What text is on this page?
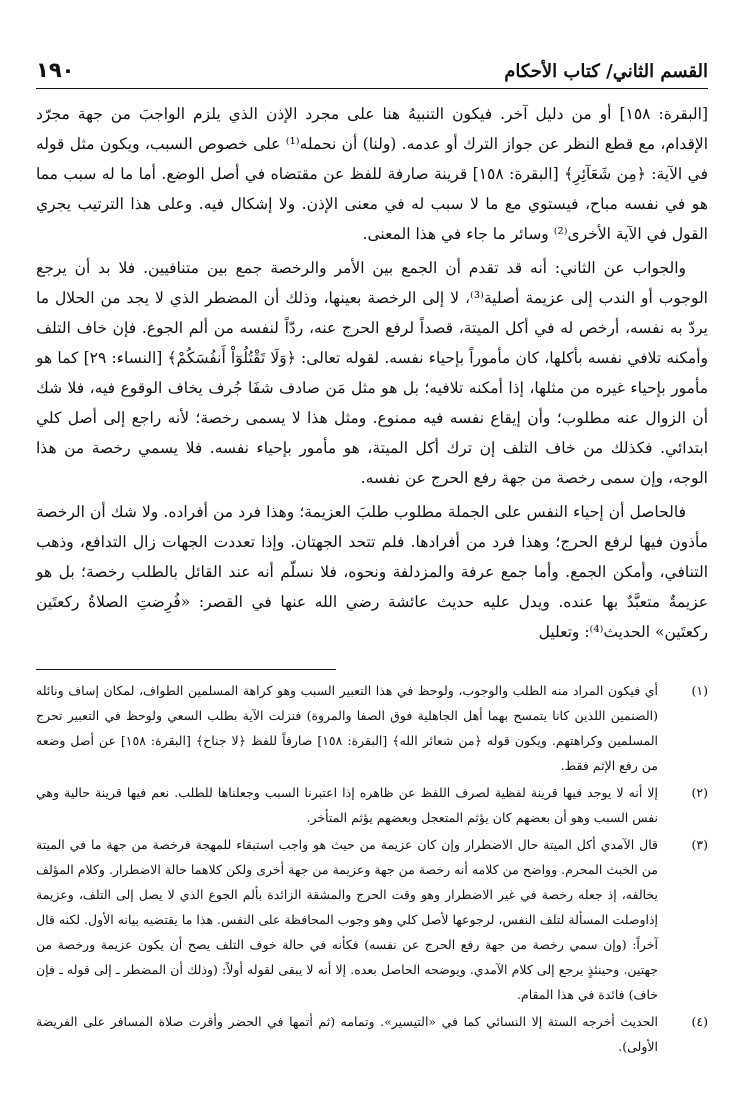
القسم الثاني/ كتاب الأحكام
١٩٠

[البقرة: ١٥٨] أو من دليل آخر. فيكون التنبيهُ هنا على مجرد الإذن الذي يلزم الواجبَ من جهة مجرّد الإقدام، مع قطع النظر عن جواز الترك أو عدمه. (ولنا) أن نحمله⁽¹⁾ على خصوص السبب، ويكون مثل قوله في الآية: ﴿مِن شَعَآئِرِ﴾ [البقرة: ١٥٨] قرينة صارفة للفظ عن مقتضاه في أصل الوضع. أما ما له سبب مما هو في نفسه مباح، فيستوي مع ما لا سبب له في معنى الإذن. ولا إشكال فيه. وعلى هذا الترتيب يجري القول في الآية الأخرى⁽²⁾ وسائر ما جاء في هذا المعنى.

والجواب عن الثاني: أنه قد تقدم أن الجمع بين الأمر والرخصة جمع بين متنافيين. فلا بد أن يرجع الوجوب أو الندب إلى عزيمة أصلية⁽³⁾، لا إلى الرخصة بعينها، وذلك أن المضطر الذي لا يجد من الحلال ما يردّ به نفسه، أرخص له في أكل الميتة، قصداً لرفع الحرج عنه، ردّاً لنفسه من ألم الجوع. فإن خاف التلف وأمكنه تلافي نفسه بأكلها، كان مأموراً بإحياء نفسه. لقوله تعالى: ﴿وَلَا تَقْتُلُوٓاْ أَنفُسَكُمْ﴾ [النساء: ٢٩] كما هو مأمور بإحياء غيره من مثلها، إذا أمكنه تلافيه؛ بل هو مثل مَن صادف شفَا جُرف يخاف الوقوع فيه، فلا شك أن الزوال عنه مطلوب؛ وأن إيقاع نفسه فيه ممنوع. ومثل هذا لا يسمى رخصة؛ لأنه راجع إلى أصل كلي ابتدائي. فكذلك من خاف التلف إن ترك أكل الميتة، هو مأمور بإحياء نفسه. فلا يسمي رخصة من هذا الوجه، وإن سمى رخصة من جهة رفع الحرج عن نفسه.

فالحاصل أن إحياء النفس على الجملة مطلوب طلبَ العزيمة؛ وهذا فرد من أفراده. ولا شك أن الرخصة مأذون فيها لرفع الحرج؛ وهذا فرد من أفرادها. فلم تتحد الجهتان. وإذا تعددت الجهات زال التدافع، وذهب التنافي، وأمكن الجمع. وأما جمع عرفة والمزدلفة ونحوه، فلا نسلّم أنه عند القائل بالطلب رخصة؛ بل هو عزيمةٌ متعبَّدٌ بها عنده. ويدل عليه حديث عائشة رضي الله عنها في القصر: «فُرِضتِ الصلاةُ ركعتَين ركعتَين» الحديث⁽⁴⁾: وتعليل

(١)
أي فيكون المراد منه الطلب والوجوب، ولوحظ في هذا التعبير السبب وهو كراهة المسلمين الطواف، لمكان إساف ونائله (الصنمين اللذين كانا يتمسح بهما أهل الجاهلية فوق الصفا والمروة) فنزلت الآية بطلب السعي ولوحظ في التعبير تحرج المسلمين وكراهتهم. ويكون قوله ﴿من شعائر الله﴾ [البقرة: ١٥٨] صارفاً للفظ ﴿لا جناح﴾ [البقرة: ١٥٨] عن أصل وضعه من رفع الإثم فقط.
(٢)
إلا أنه لا يوجد فيها قرينة لفظية لصرف اللفظ عن ظاهره إذا اعتبرنا السبب وجعلناها للطلب. نعم فيها قرينة حالية وهي نفس السبب وهو أن بعضهم كان يؤثم المتعجل وبعضهم يؤثم المتأخر.
(٣)
قال الآمدي أكل الميتة حال الاضطرار وإن كان عزيمة من حيث هو واجب استبقاء للمهجة فرخصة من جهة ما في الميتة من الخبث المحرم. وواضح من كلامه أنه رخصة من جهة وعزيمة من جهة أخرى ولكن كلاهما حالة الاضطرار. وكلام المؤلف يخالفه، إذ جعله رخصة في غير الاضطرار وهو وقت الحرج والمشقة الزائدة بألم الجوع الذي لا يصل إلى التلف، وعزيمة إذاوصلت المسألة لتلف النفس، لرجوعها لأصل كلي وهو وجوب المحافظة على النفس. هذا ما يقتضيه بيانه الأول. لكنه قال آخراً: (وإن سمي رخصة من جهة رفع الحرج عن نفسه) فكأنه في حالة خوف التلف يصح أن يكون عزيمة ورخصة من جهتين. وحينئذٍ يرجع إلى كلام الآمدي. ويوضحه الحاصل بعده. إلا أنه لا يبقى لقوله أولاً: (وذلك أن المضطر ـ إلى قوله ـ فإن خاف) فائدة في هذا المقام.
(٤)
الحديث أخرجه الستة إلا النسائي كما في «التيسير». وتمامه (ثم أتمها في الحضر وأقرت صلاة المسافر على الفريضة الأولى).
